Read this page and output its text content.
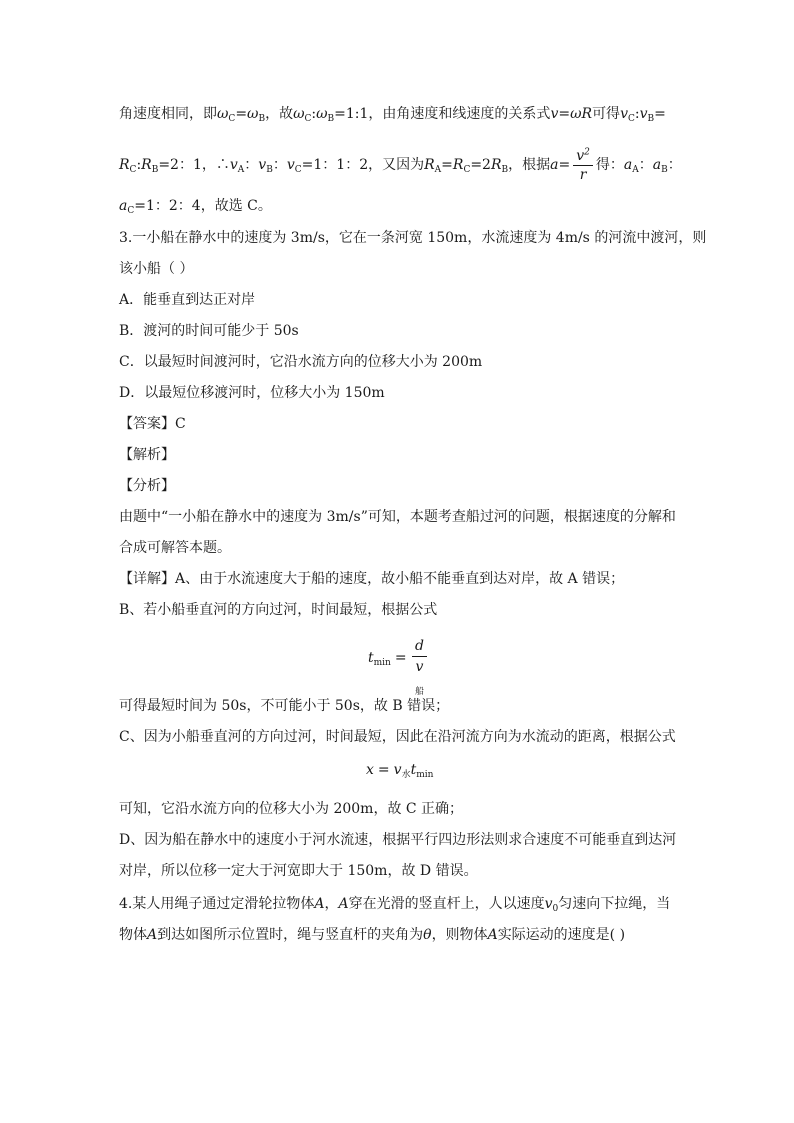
角速度相同，即$\omega_C=\omega_B$，故$\omega_C:\omega_B=1:1$，由角速度和线速度的关系式v=ωR可得$v_C:v_B=$
$R_C:R_B=2$：1，$\therefore v_A$：$v_B$：$v_C=1$：1：2，又因为$R_A=R_C=2R_B$，根据$a= \frac{v^2}{r}$ 得：$a_A$：$a_B$：
$a_C=1$：2：4，故选 C。
3.一小船在静水中的速度为 3m/s，它在一条河宽 150m，水流速度为 4m/s 的河流中渡河，则
该小船（ ）
A．能垂直到达正对岸
B．渡河的时间可能少于 50s
C．以最短时间渡河时，它沿水流方向的位移大小为 200m
D．以最短位移渡河时，位移大小为 150m
【答案】C
【解析】
【分析】
由题中“一小船在静水中的速度为 3m/s”可知，本题考查船过河的问题，根据速度的分解和
合成可解答本题。
【详解】A、由于水流速度大于船的速度，故小船不能垂直到达对岸，故 A 错误；
B、若小船垂直河的方向过河，时间最短，根据公式
$t_{min}$ =
d
$v_船$
可得最短时间为 50s，不可能小于 50s，故 B 错误；
C、因为小船垂直河的方向过河，时间最短，因此在沿河流方向为水流动的距离，根据公式
$x = v_水t_{min}$
可知，它沿水流方向的位移大小为 200m，故 C 正确；
D、因为船在静水中的速度小于河水流速，根据平行四边形法则求合速度不可能垂直到达河
对岸，所以位移一定大于河宽即大于 150m，故 D 错误。
4.某人用绳子通过定滑轮拉物体A，A穿在光滑的竖直杆上，人以速度$v_0$匀速向下拉绳，当
物体A到达如图所示位置时，绳与竖直杆的夹角为θ，则物体A实际运动的速度是( )
